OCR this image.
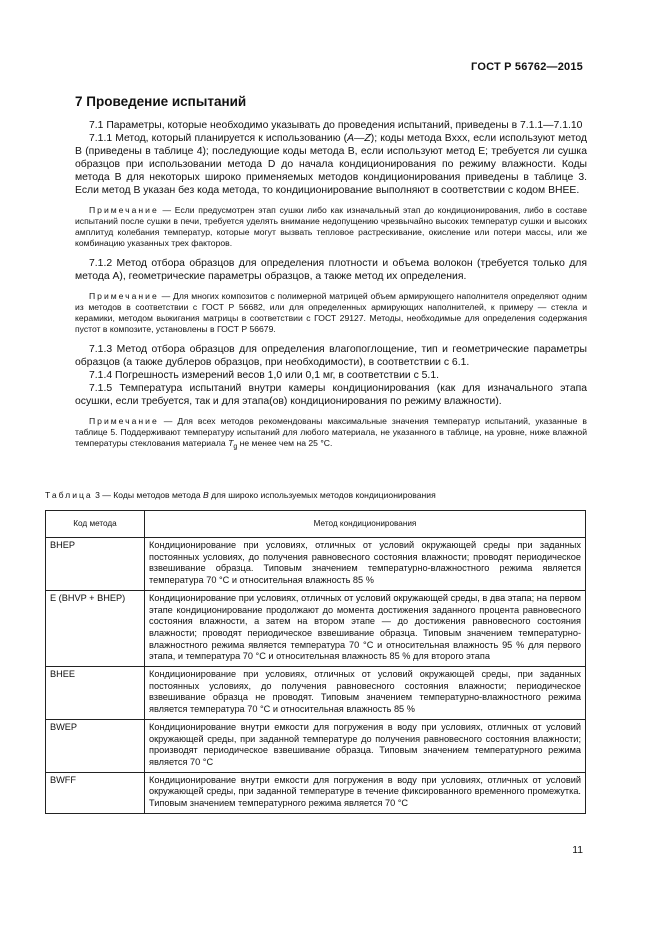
ГОСТ Р 56762—2015
7 Проведение испытаний

7.1 Параметры, которые необходимо указывать до проведения испытаний, приведены в 7.1.1—7.1.10

7.1.1 Метод, который планируется к использованию (A—Z); коды метода Bxxx, если используют метод B (приведены в таблице 4); последующие коды метода B, если используют метод E; требуется ли сушка образцов при использовании метода D до начала кондиционирования по режиму влажности. Коды метода B для некоторых широко применяемых методов кондиционирования приведены в таблице 3. Если метод B указан без кода метода, то кондиционирование выполняют в соответствии с кодом BHEE.

Примечание — Если предусмотрен этап сушки либо как изначальный этап до кондиционирования, либо в составе испытаний после сушки в печи, требуется уделять внимание недопущению чрезвычайно высоких температур сушки и высоких амплитуд колебания температур, которые могут вызвать тепловое растрескивание, окисление или потери массы, или же комбинацию указанных трех факторов.

7.1.2 Метод отбора образцов для определения плотности и объема волокон (требуется только для метода A), геометрические параметры образцов, а также метод их определения.

Примечание — Для многих композитов с полимерной матрицей объем армирующего наполнителя определяют одним из методов в соответствии с ГОСТ Р 56682, или для определенных армирующих наполнителей, к примеру — стекла и керамики, методом выжигания матрицы в соответствии с ГОСТ 29127. Методы, необходимые для определения содержания пустот в композите, установлены в ГОСТ Р 56679.

7.1.3 Метод отбора образцов для определения влагопоглощение, тип и геометрические параметры образцов (а также дублеров образцов, при необходимости), в соответствии с 6.1.

7.1.4 Погрешность измерений весов 1,0 или 0,1 мг, в соответствии с 5.1.

7.1.5 Температура испытаний внутри камеры кондиционирования (как для изначального этапа осушки, если требуется, так и для этапа(ов) кондиционирования по режиму влажности).

Примечание — Для всех методов рекомендованы максимальные значения температур испытаний, указанные в таблице 5. Поддерживают температуру испытаний для любого материала, не указанного в таблице, на уровне, ниже влажной температуры стеклования материала $T_g$ не менее чем на 25 °С.

Таблица 3 — Коды методов метода B для широко используемых методов кондиционирования
Код метода	Метод кондиционирования
BHEP	Кондиционирование при условиях, отличных от условий окружающей среды при заданных постоянных условиях, до получения равновесного состояния влажности; проводят периодическое взвешивание образца. Типовым значением температурно-влажностного режима является температура 70 °С и относительная влажность 85 %
E (BHVP + BHEP)	Кондиционирование при условиях, отличных от условий окружающей среды, в два этапа; на первом этапе кондиционирование продолжают до момента достижения заданного процента равновесного состояния влажности, а затем на втором этапе — до достижения равновесного состояния влажности; проводят периодическое взвешивание образца. Типовым значением температурно-влажностного режима является температура 70 °С и относительная влажность 95 % для первого этапа, и температура 70 °С и относительная влажность 85 % для второго этапа
BHEE	Кондиционирование при условиях, отличных от условий окружающей среды, при заданных постоянных условиях, до получения равновесного состояния влажности; периодическое взвешивание образца не проводят. Типовым значением температурно-влажностного режима является температура 70 °С и относительная влажность 85 %
BWEP	Кондиционирование внутри емкости для погружения в воду при условиях, отличных от условий окружающей среды, при заданной температуре до получения равновесного состояния влажности; производят периодическое взвешивание образца. Типовым значением температурного режима является 70 °С
BWFF	Кондиционирование внутри емкости для погружения в воду при условиях, отличных от условий окружающей среды, при заданной температуре в течение фиксированного временного промежутка. Типовым значением температурного режима является 70 °С
11
